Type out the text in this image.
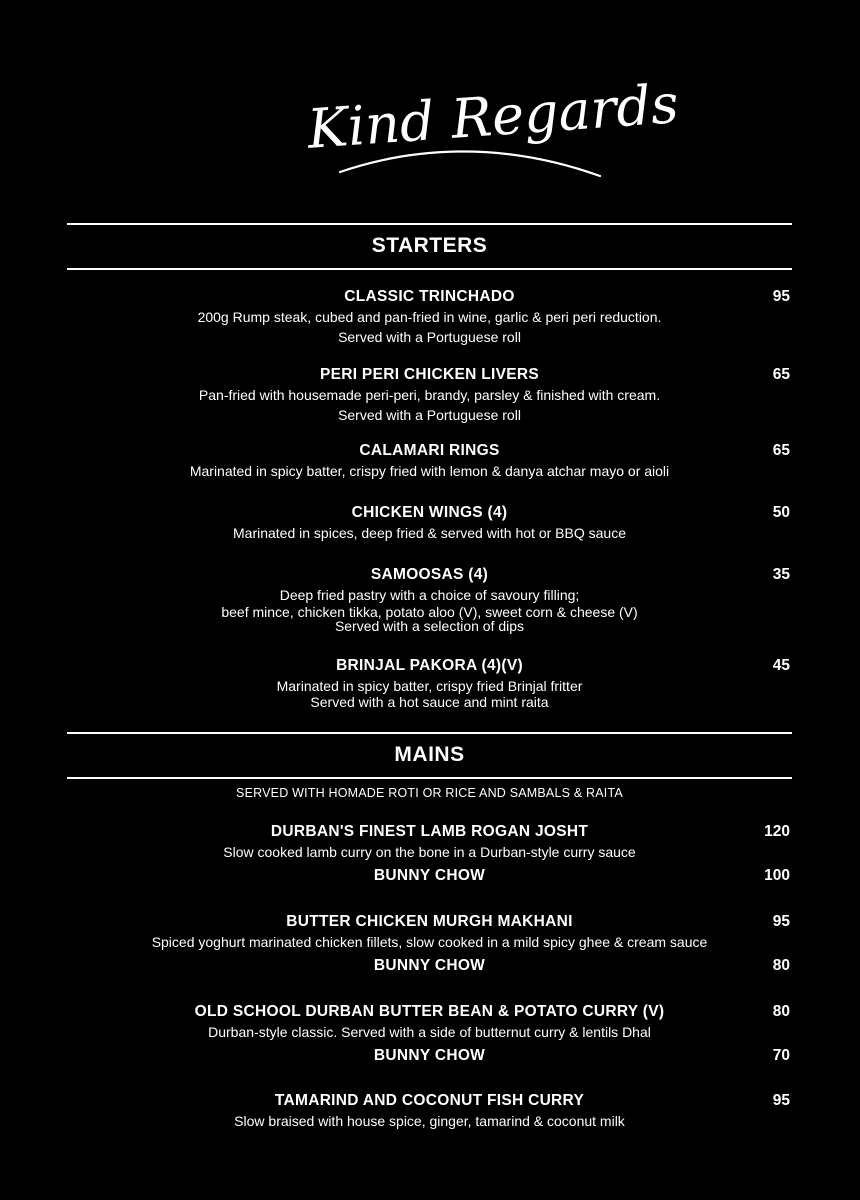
Kind Regards
STARTERS
CLASSIC TRINCHADO	95
200g Rump steak, cubed and pan-fried in wine, garlic & peri peri reduction.
Served with a Portuguese roll
PERI PERI CHICKEN LIVERS	65
Pan-fried with housemade peri-peri, brandy, parsley & finished with cream.
Served with a Portuguese roll
CALAMARI RINGS	65
Marinated in spicy batter, crispy fried with lemon & danya atchar mayo or aioli
CHICKEN WINGS (4)	50
Marinated in spices, deep fried & served with hot or BBQ sauce
SAMOOSAS (4)	35
Deep fried pastry with a choice of savoury filling;
beef mince, chicken tikka, potato aloo (V), sweet corn & cheese (V)
Served with a selection of dips
BRINJAL PAKORA (4)(V)	45
Marinated in spicy batter, crispy fried Brinjal fritter
Served with a hot sauce and mint raita
MAINS
SERVED WITH HOMADE ROTI OR RICE AND SAMBALS & RAITA
DURBAN'S FINEST LAMB ROGAN JOSHT	120
Slow cooked lamb curry on the bone in a Durban-style curry sauce
BUNNY CHOW	100
BUTTER CHICKEN MURGH MAKHANI	95
Spiced yoghurt marinated chicken fillets, slow cooked in a mild spicy ghee & cream sauce
BUNNY CHOW	80
OLD SCHOOL DURBAN BUTTER BEAN & POTATO CURRY (V)	80
Durban-style classic. Served with a side of butternut curry & lentils Dhal
BUNNY CHOW	70
TAMARIND AND COCONUT FISH CURRY	95
Slow braised with house spice, ginger, tamarind & coconut milk
